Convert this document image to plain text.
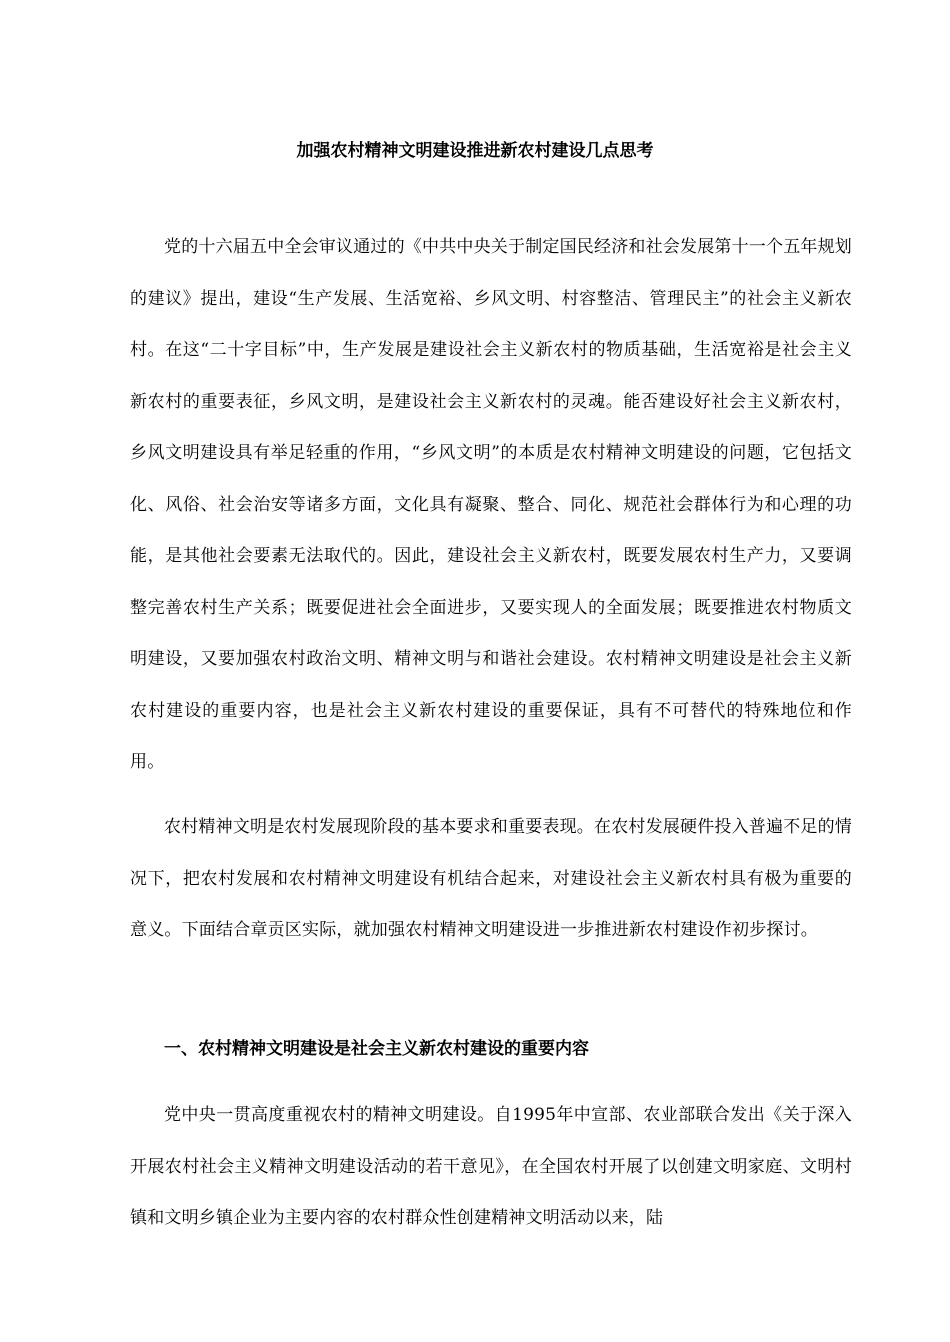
加强农村精神文明建设推进新农村建设几点思考

党的十六届五中全会审议通过的《中共中央关于制定国民经济和社会发展第十一个五年规划的建议》提出，建设“生产发展、生活宽裕、乡风文明、村容整洁、管理民主”的社会主义新农村。在这“二十字目标”中，生产发展是建设社会主义新农村的物质基础，生活宽裕是社会主义新农村的重要表征，乡风文明，是建设社会主义新农村的灵魂。能否建设好社会主义新农村，乡风文明建设具有举足轻重的作用，“乡风文明”的本质是农村精神文明建设的问题，它包括文化、风俗、社会治安等诸多方面，文化具有凝聚、整合、同化、规范社会群体行为和心理的功能，是其他社会要素无法取代的。因此，建设社会主义新农村，既要发展农村生产力，又要调整完善农村生产关系；既要促进社会全面进步，又要实现人的全面发展；既要推进农村物质文明建设，又要加强农村政治文明、精神文明与和谐社会建设。农村精神文明建设是社会主义新农村建设的重要内容，也是社会主义新农村建设的重要保证，具有不可替代的特殊地位和作用。

农村精神文明是农村发展现阶段的基本要求和重要表现。在农村发展硬件投入普遍不足的情况下，把农村发展和农村精神文明建设有机结合起来，对建设社会主义新农村具有极为重要的意义。下面结合章贡区实际，就加强农村精神文明建设进一步推进新农村建设作初步探讨。

一、农村精神文明建设是社会主义新农村建设的重要内容

党中央一贯高度重视农村的精神文明建设。自1995年中宣部、农业部联合发出《关于深入开展农村社会主义精神文明建设活动的若干意见》，在全国农村开展了以创建文明家庭、文明村镇和文明乡镇企业为主要内容的农村群众性创建精神文明活动以来，陆
